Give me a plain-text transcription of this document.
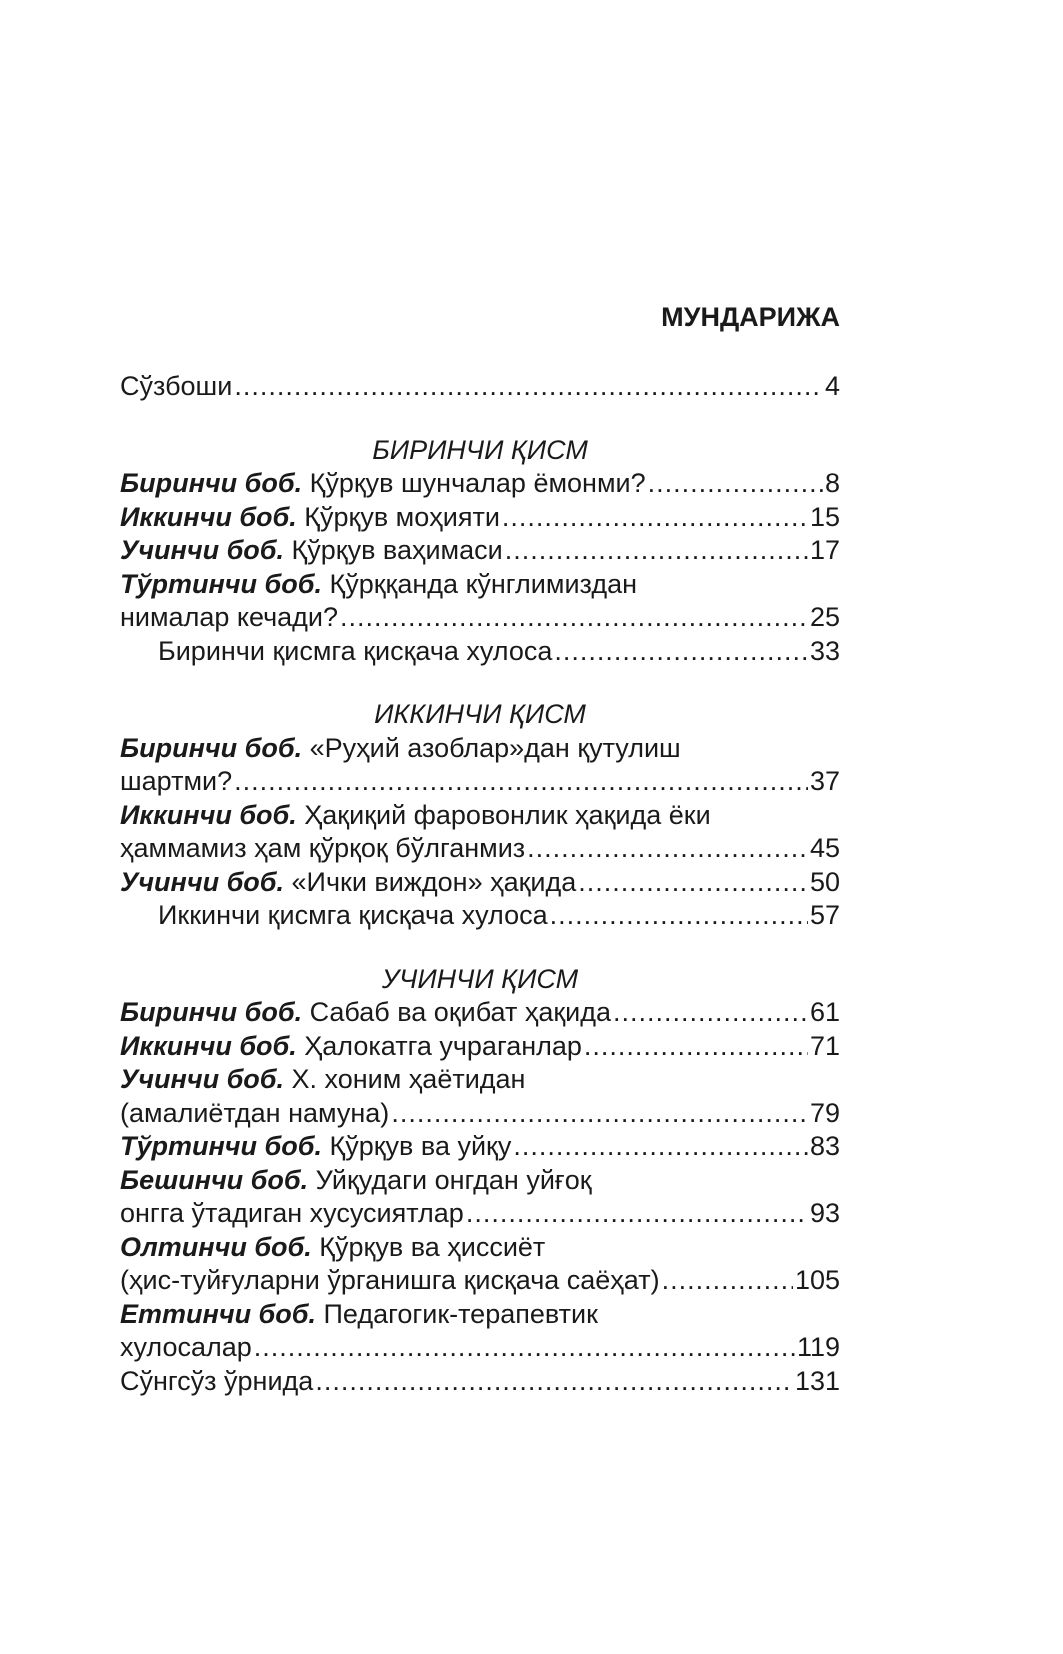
МУНДАРИЖА
Сўзбоши .....	4
БИРИНЧИ ҚИСМ
Биринчи боб. Қўрқув шунчалар ёмонми? .....	8
Иккинчи боб. Қўрқув моҳияти .....	15
Учинчи боб. Қўрқув ваҳимаси .....	17
Тўртинчи боб. Қўрққанда кўнглимиздан
нималар кечади? .....	25
Биринчи қисмга қисқача хулоса .....	33
ИККИНЧИ ҚИСМ
Биринчи боб. «Руҳий азоблар»дан қутулиш
шартми? .....	37
Иккинчи боб. Ҳақиқий фаровонлик ҳақида ёки
ҳаммамиз ҳам қўрқоқ бўлганмиз .....	45
Учинчи боб. «Ички виждон» ҳақида .....	50
Иккинчи қисмга қисқача хулоса .....	57
УЧИНЧИ ҚИСМ
Биринчи боб. Сабаб ва оқибат ҳақида .....	61
Иккинчи боб. Ҳалокатга учраганлар .....	71
Учинчи боб. Х. хоним ҳаётидан
(амалиётдан намуна) .....	79
Тўртинчи боб. Қўрқув ва уйқу .....	83
Бешинчи боб. Уйқудаги онгдан уйғоқ
онгга ўтадиган хусусиятлар .....	93
Олтинчи боб. Қўрқув ва ҳиссиёт
(ҳис-туйғуларни ўрганишга қисқача саёҳат) .....	105
Еттинчи боб. Педагогик-терапевтик
хулосалар .....	119
Сўнгсўз ўрнида .....	131
